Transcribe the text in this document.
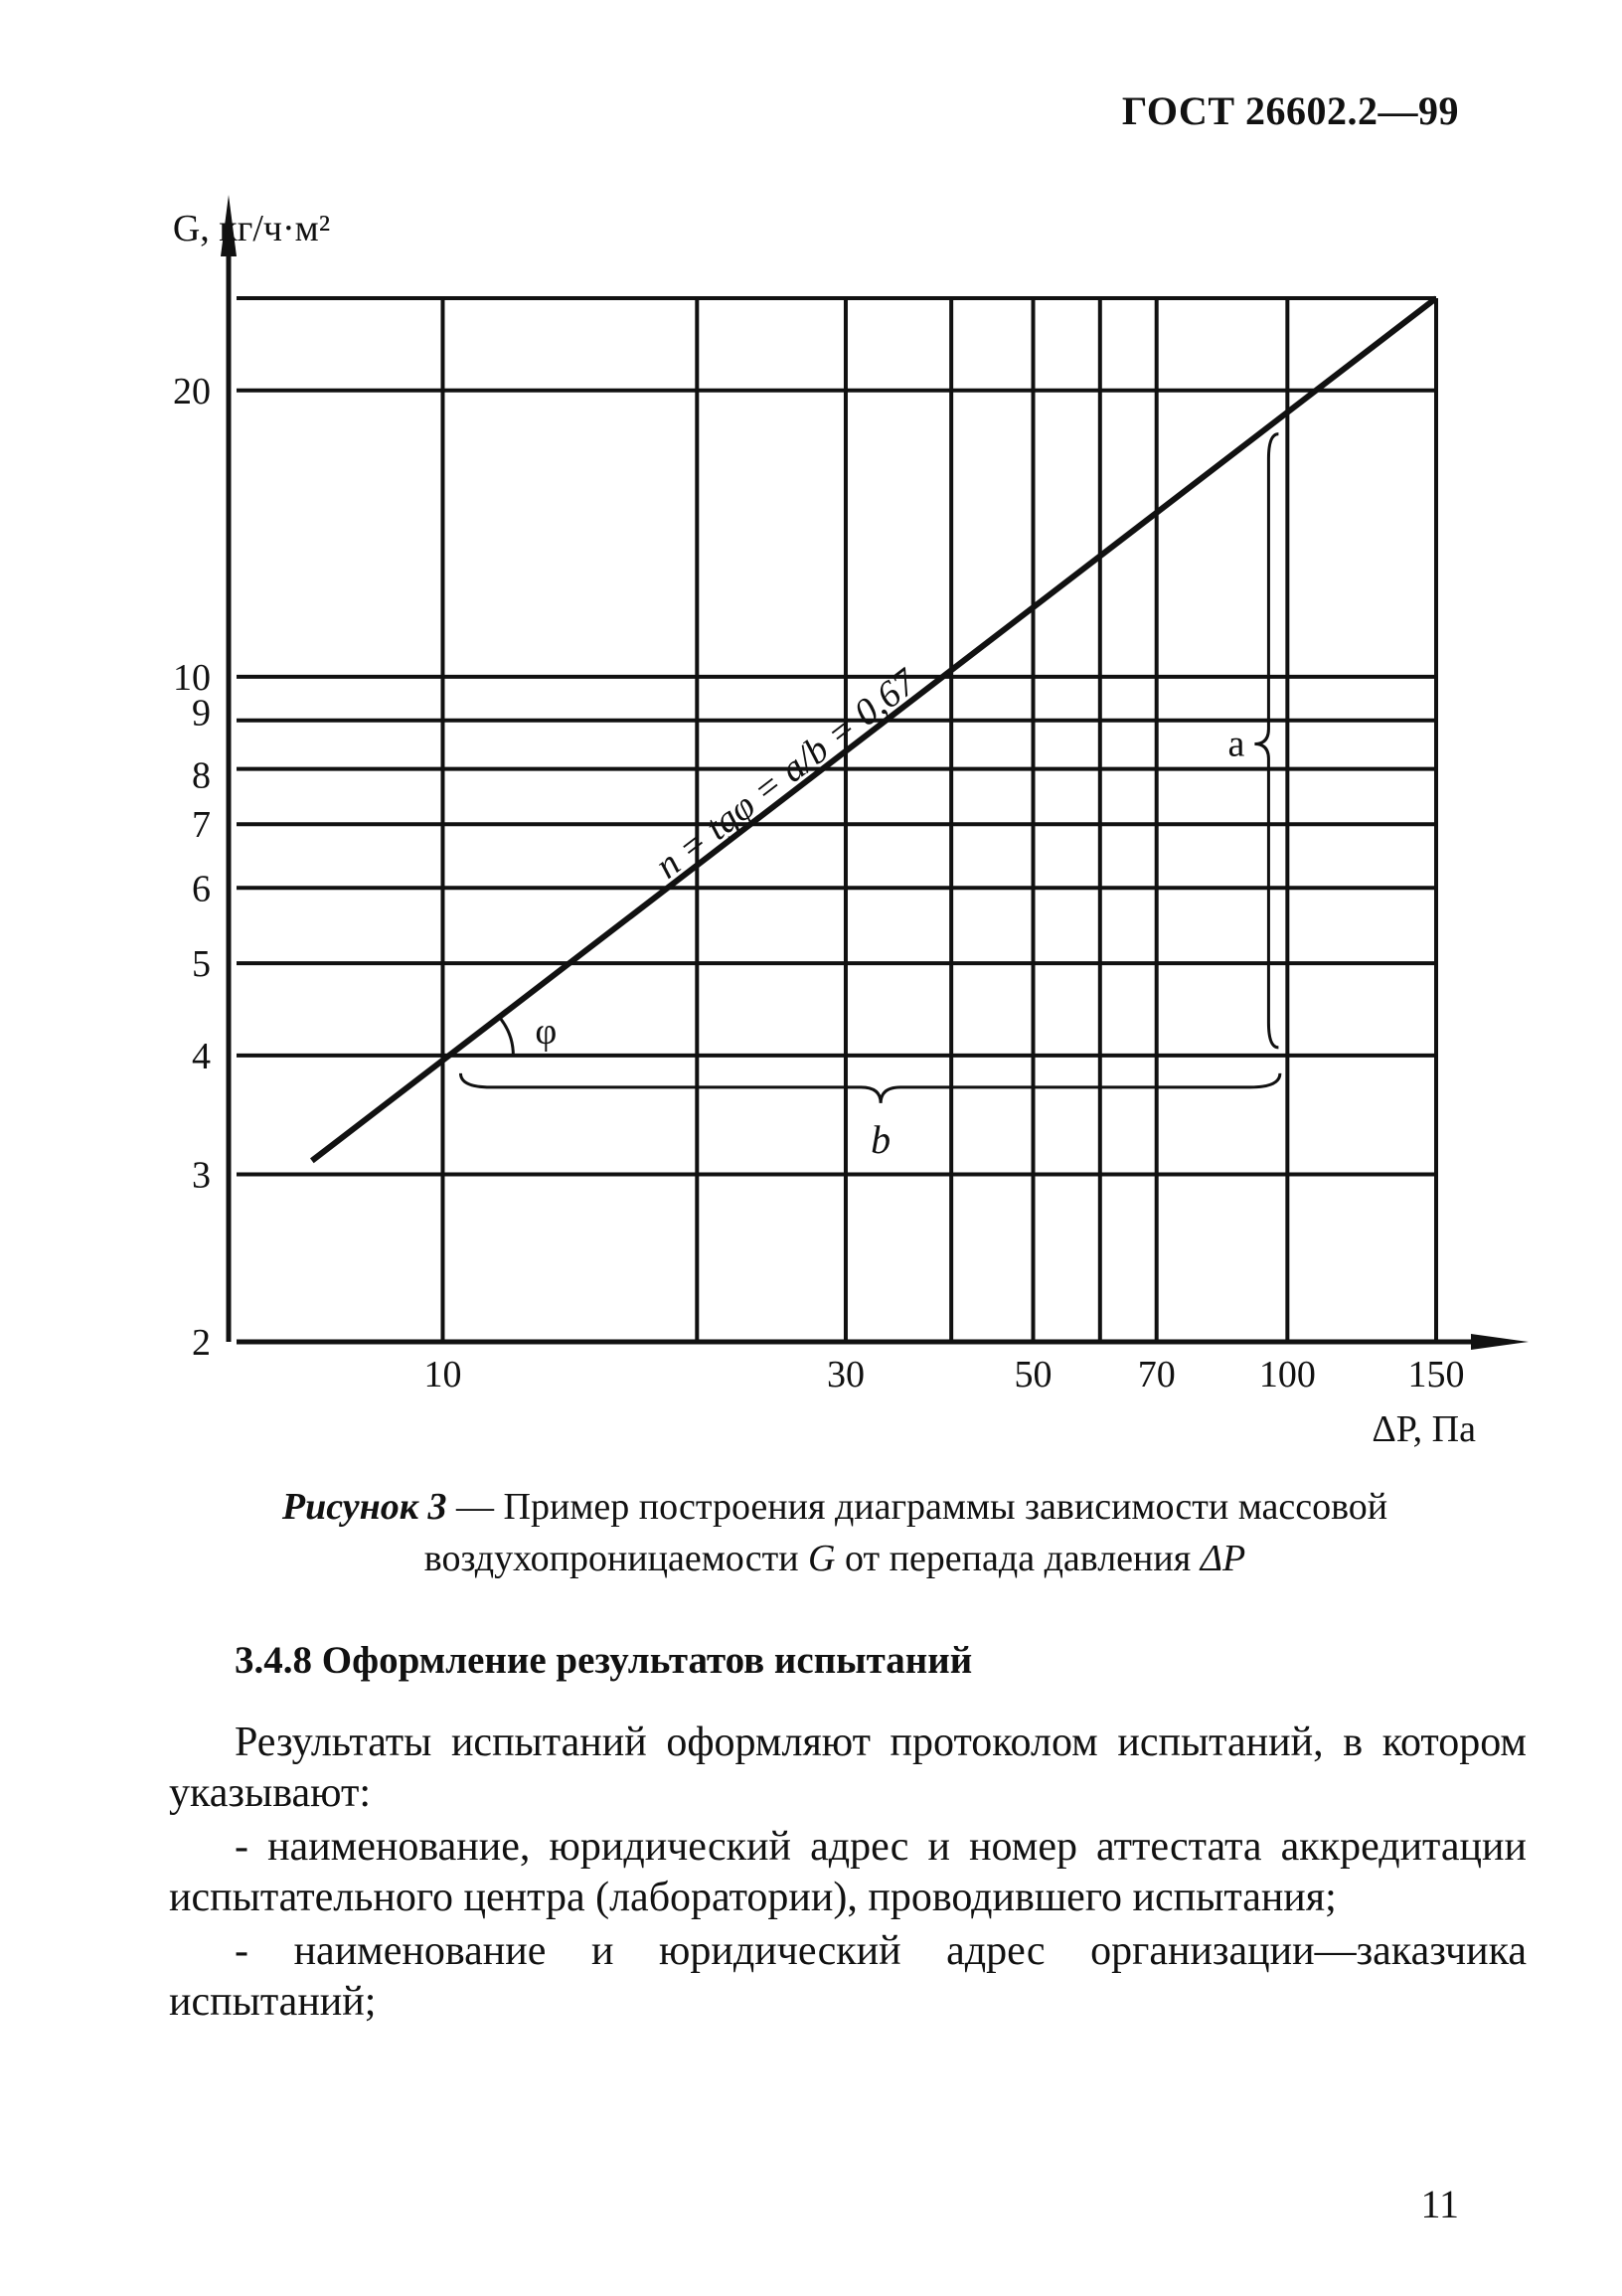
ГОСТ 26602.2—99
2
3
4
5
6
7
8
9
10
20
10	30	50 70 100 150
G, кг/ч·м²
ΔP, Па
n = tgφ = a/b = 0,67
φ
b
a
Рисунок 3 — Пример построения диаграммы зависимости массовой воздухопроницаемости G от перепада давления ΔP
3.4.8 Оформление результатов испытаний

Результаты испытаний оформляют протоколом испытаний, в котором указывают:

- наименование, юридический адрес и номер аттестата аккредитации испытательного центра (лаборатории), проводившего испытания;

- наименование и юридический адрес организации—заказчика испытаний;

11
